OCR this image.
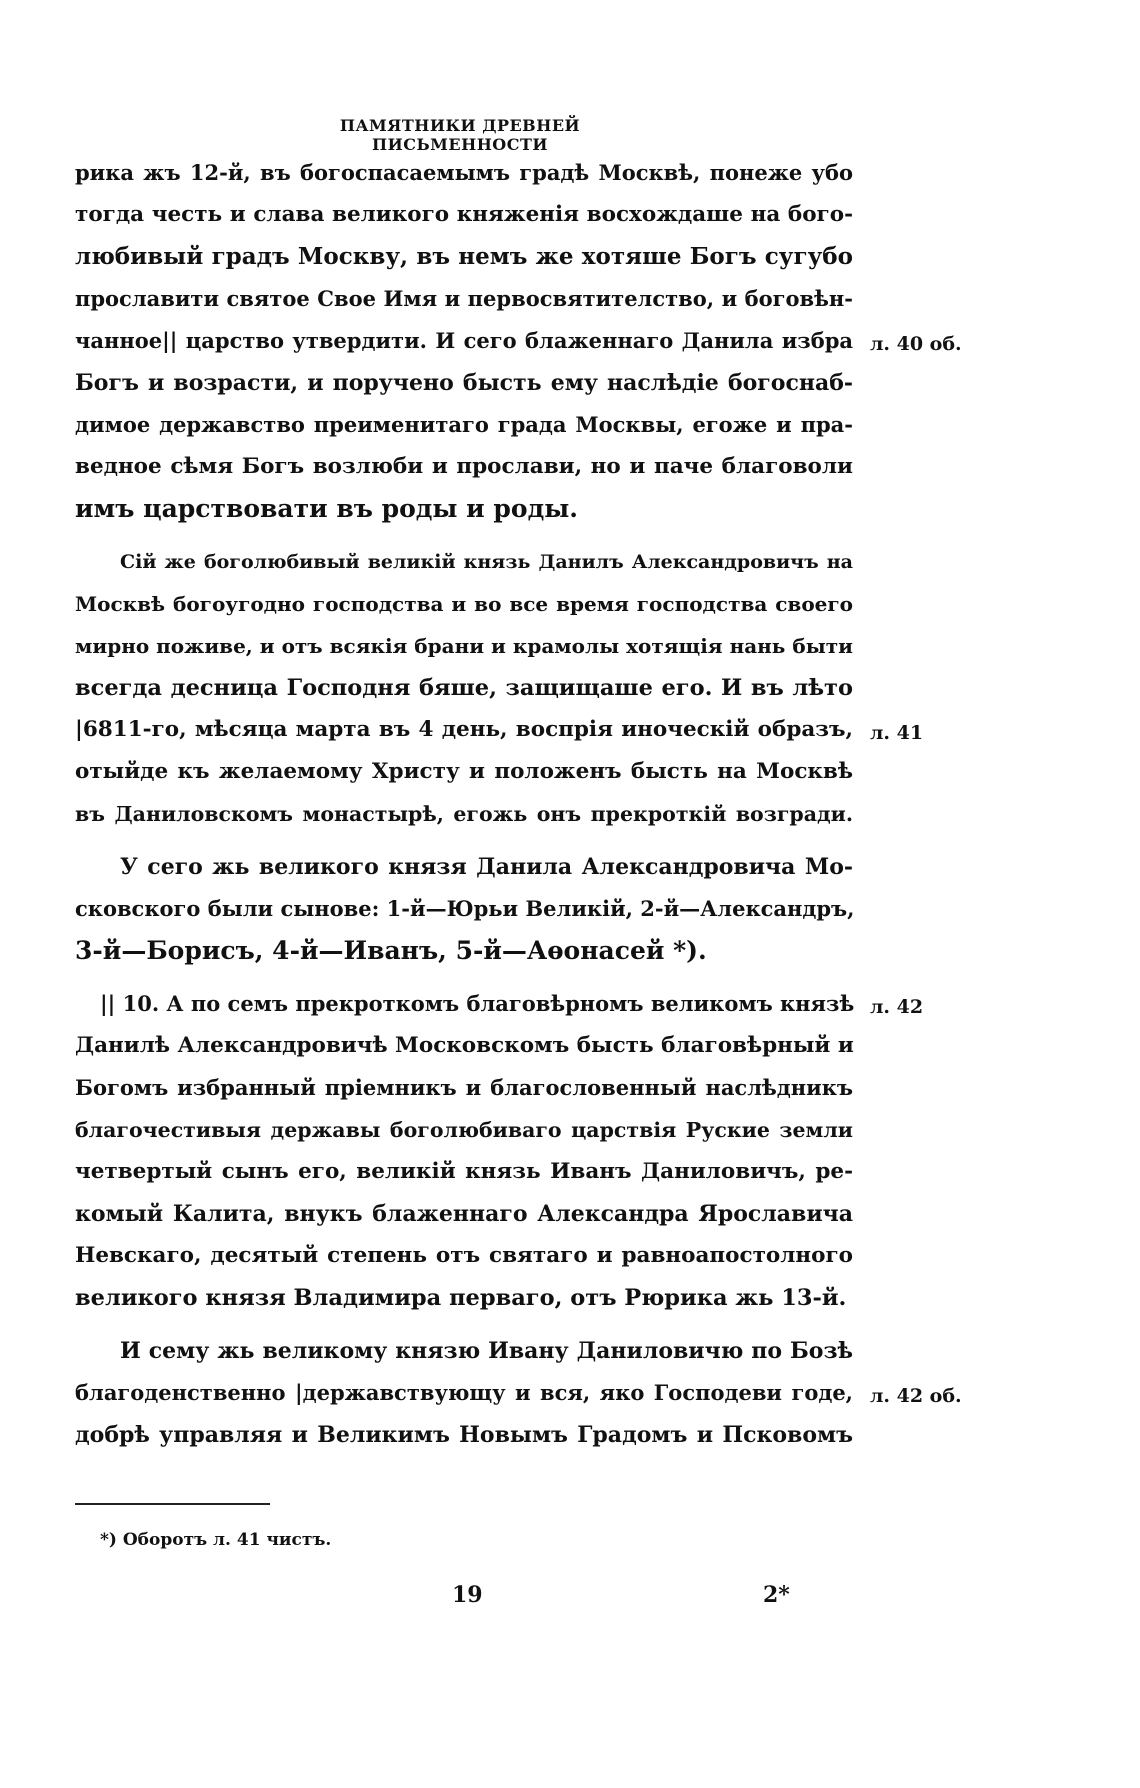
ПАМЯТНИКИ ДРЕВНЕЙ ПИСЬМЕННОСТИ
рика жъ 12-й, въ богоспасаемымъ градѣ Москвѣ, понеже убо
тогда честь и слава великого княженія восхождаше на бого-
любивый градъ Москву, въ немъ же хотяше Богъ сугубо
прославити святое Свое Имя и первосвятителство, и боговѣн-
чанное|| царство утвердити. И сего блаженнаго Данила избра
Богъ и возрасти, и поручено бысть ему наслѣдіе богоснаб-
димое державство преименитаго града Москвы, егоже и пра-
ведное сѣмя Богъ возлюби и прослави, но и паче благоволи
имъ царствовати въ роды и роды.
Сій же боголюбивый великій князь Данилъ Александровичъ на
Москвѣ богоугодно господства и во все время господства своего
мирно поживе, и отъ всякія брани и крамолы хотящія нань быти
всегда десница Господня бяше, защищаше его. И въ лѣто
|6811-го, мѣсяца марта въ 4 день, воспрія иноческій образъ,
отыйде къ желаемому Христу и положенъ бысть на Москвѣ
въ Даниловскомъ монастырѣ, егожь онъ прекроткій возгради.
У сего жь великого князя Данила Александровича Мо-
сковского были сынове: 1-й—Юрьи Великій, 2-й—Александръ,
3-й—Борисъ, 4-й—Иванъ, 5-й—Аѳонасей *).
|| 10. А по семъ прекроткомъ благовѣрномъ великомъ князѣ
Данилѣ Александровичѣ Московскомъ бысть благовѣрный и
Богомъ избранный пріемникъ и благословенный наслѣдникъ
благочестивыя державы боголюбиваго царствія Руские земли
четвертый сынъ его, великій князь Иванъ Даниловичъ, ре-
комый Калита, внукъ блаженнаго Александра Ярославича
Невскаго, десятый степень отъ святаго и равноапостолного
великого князя Владимира перваго, отъ Рюрика жь 13-й.
И сему жь великому князю Ивану Даниловичю по Бозѣ
благоденственно |державствующу и вся, яко Господеви годе,
добрѣ управляя и Великимъ Новымъ Градомъ и Псковомъ
л. 40 об.
л. 41
л. 42
л. 42 об.
*) Оборотъ л. 41 чистъ.
19	2*
